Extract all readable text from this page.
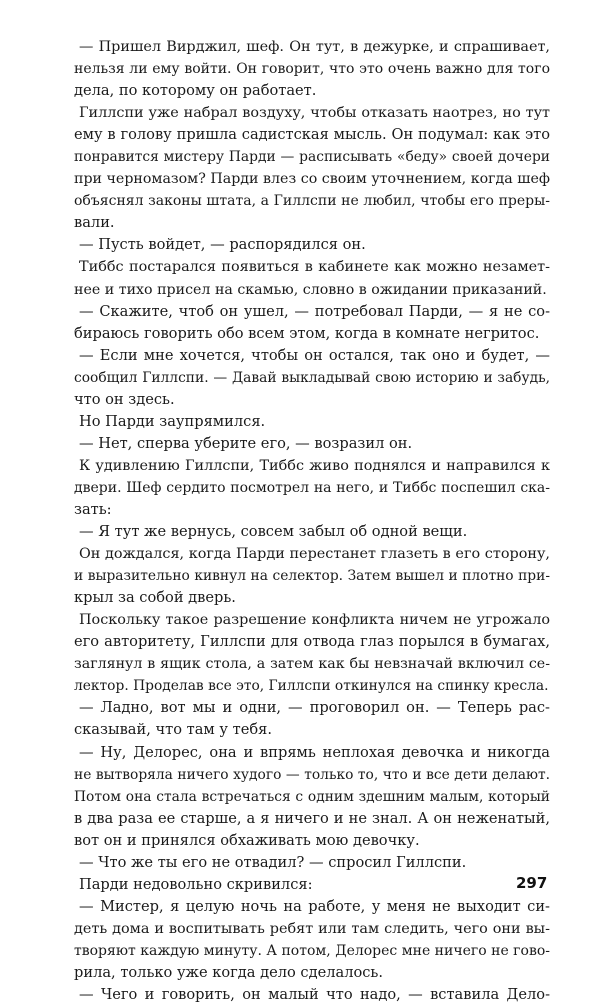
— Пришел Вирджил, шеф. Он тут, в дежурке, и спрашивает,
нельзя ли ему войти. Он говорит, что это очень важно для того
дела, по которому он работает.
Гиллспи уже набрал воздуху, чтобы отказать наотрез, но тут
ему в голову пришла садистская мысль. Он подумал: как это
понравится мистеру Парди — расписывать «беду» своей дочери
при черномазом? Парди влез со своим уточнением, когда шеф
объяснял законы штата, а Гиллспи не любил, чтобы его преры-
вали.
— Пусть войдет, — распорядился он.
Тиббс постарался появиться в кабинете как можно незамет-
нее и тихо присел на скамью, словно в ожидании приказаний.
— Скажите, чтоб он ушел, — потребовал Парди, — я не со-
бираюсь говорить обо всем этом, когда в комнате негритос.
— Если мне хочется, чтобы он остался, так оно и будет, —
сообщил Гиллспи. — Давай выкладывай свою историю и забудь,
что он здесь.
Но Парди заупрямился.
— Нет, сперва уберите его, — возразил он.
К удивлению Гиллспи, Тиббс живо поднялся и направился к
двери. Шеф сердито посмотрел на него, и Тиббс поспешил ска-
зать:
— Я тут же вернусь, совсем забыл об одной вещи.
Он дождался, когда Парди перестанет глазеть в его сторону,
и выразительно кивнул на селектор. Затем вышел и плотно при-
крыл за собой дверь.
Поскольку такое разрешение конфликта ничем не угрожало
его авторитету, Гиллспи для отвода глаз порылся в бумагах,
заглянул в ящик стола, а затем как бы невзначай включил се-
лектор. Проделав все это, Гиллспи откинулся на спинку кресла.
— Ладно, вот мы и одни, — проговорил он. — Теперь рас-
сказывай, что там у тебя.
— Ну, Делорес, она и впрямь неплохая девочка и никогда
не вытворяла ничего худого — только то, что и все дети делают.
Потом она стала встречаться с одним здешним малым, который
в два раза ее старше, а я ничего и не знал. А он неженатый,
вот он и принялся обхаживать мою девочку.
— Что же ты его не отвадил? — спросил Гиллспи.
Парди недовольно скривился:
— Мистер, я целую ночь на работе, у меня не выходит си-
деть дома и воспитывать ребят или там следить, чего они вы-
творяют каждую минуту. А потом, Делорес мне ничего не гово-
рила, только уже когда дело сделалось.
— Чего и говорить, он малый что надо, — вставила Дело-
297
